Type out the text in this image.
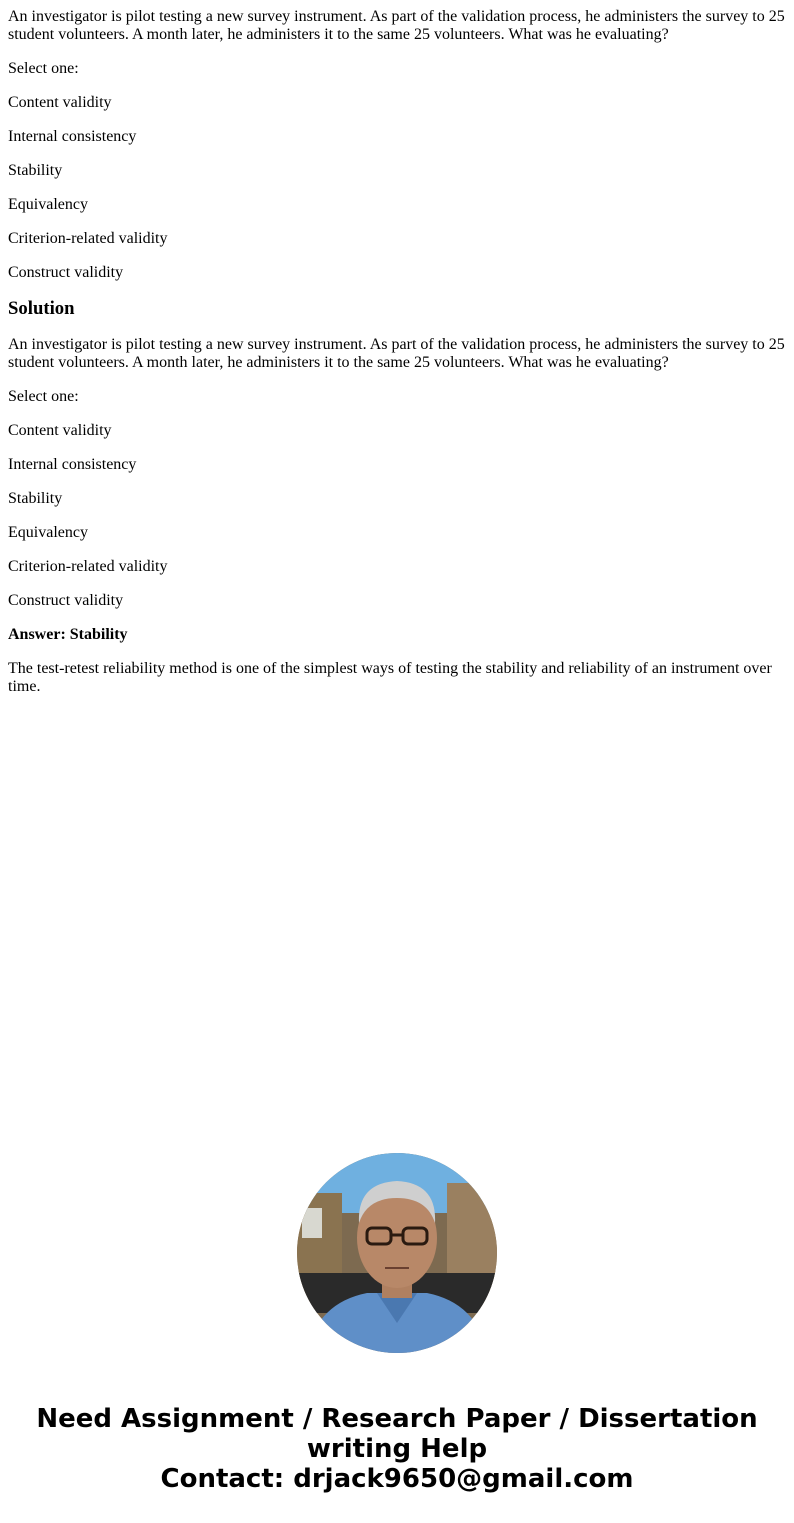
An investigator is pilot testing a new survey instrument. As part of the validation process, he administers the survey to 25 student volunteers. A month later, he administers it to the same 25 volunteers. What was he evaluating?

Select one:

Content validity

Internal consistency

Stability

Equivalency

Criterion-related validity

Construct validity

Solution

An investigator is pilot testing a new survey instrument. As part of the validation process, he administers the survey to 25 student volunteers. A month later, he administers it to the same 25 volunteers. What was he evaluating?

Select one:

Content validity

Internal consistency

Stability

Equivalency

Criterion-related validity

Construct validity

Answer: Stability

The test-retest reliability method is one of the simplest ways of testing the stability and reliability of an instrument over time.

Need Assignment / Research Paper / Dissertation
writing Help
Contact: drjack9650@gmail.com
